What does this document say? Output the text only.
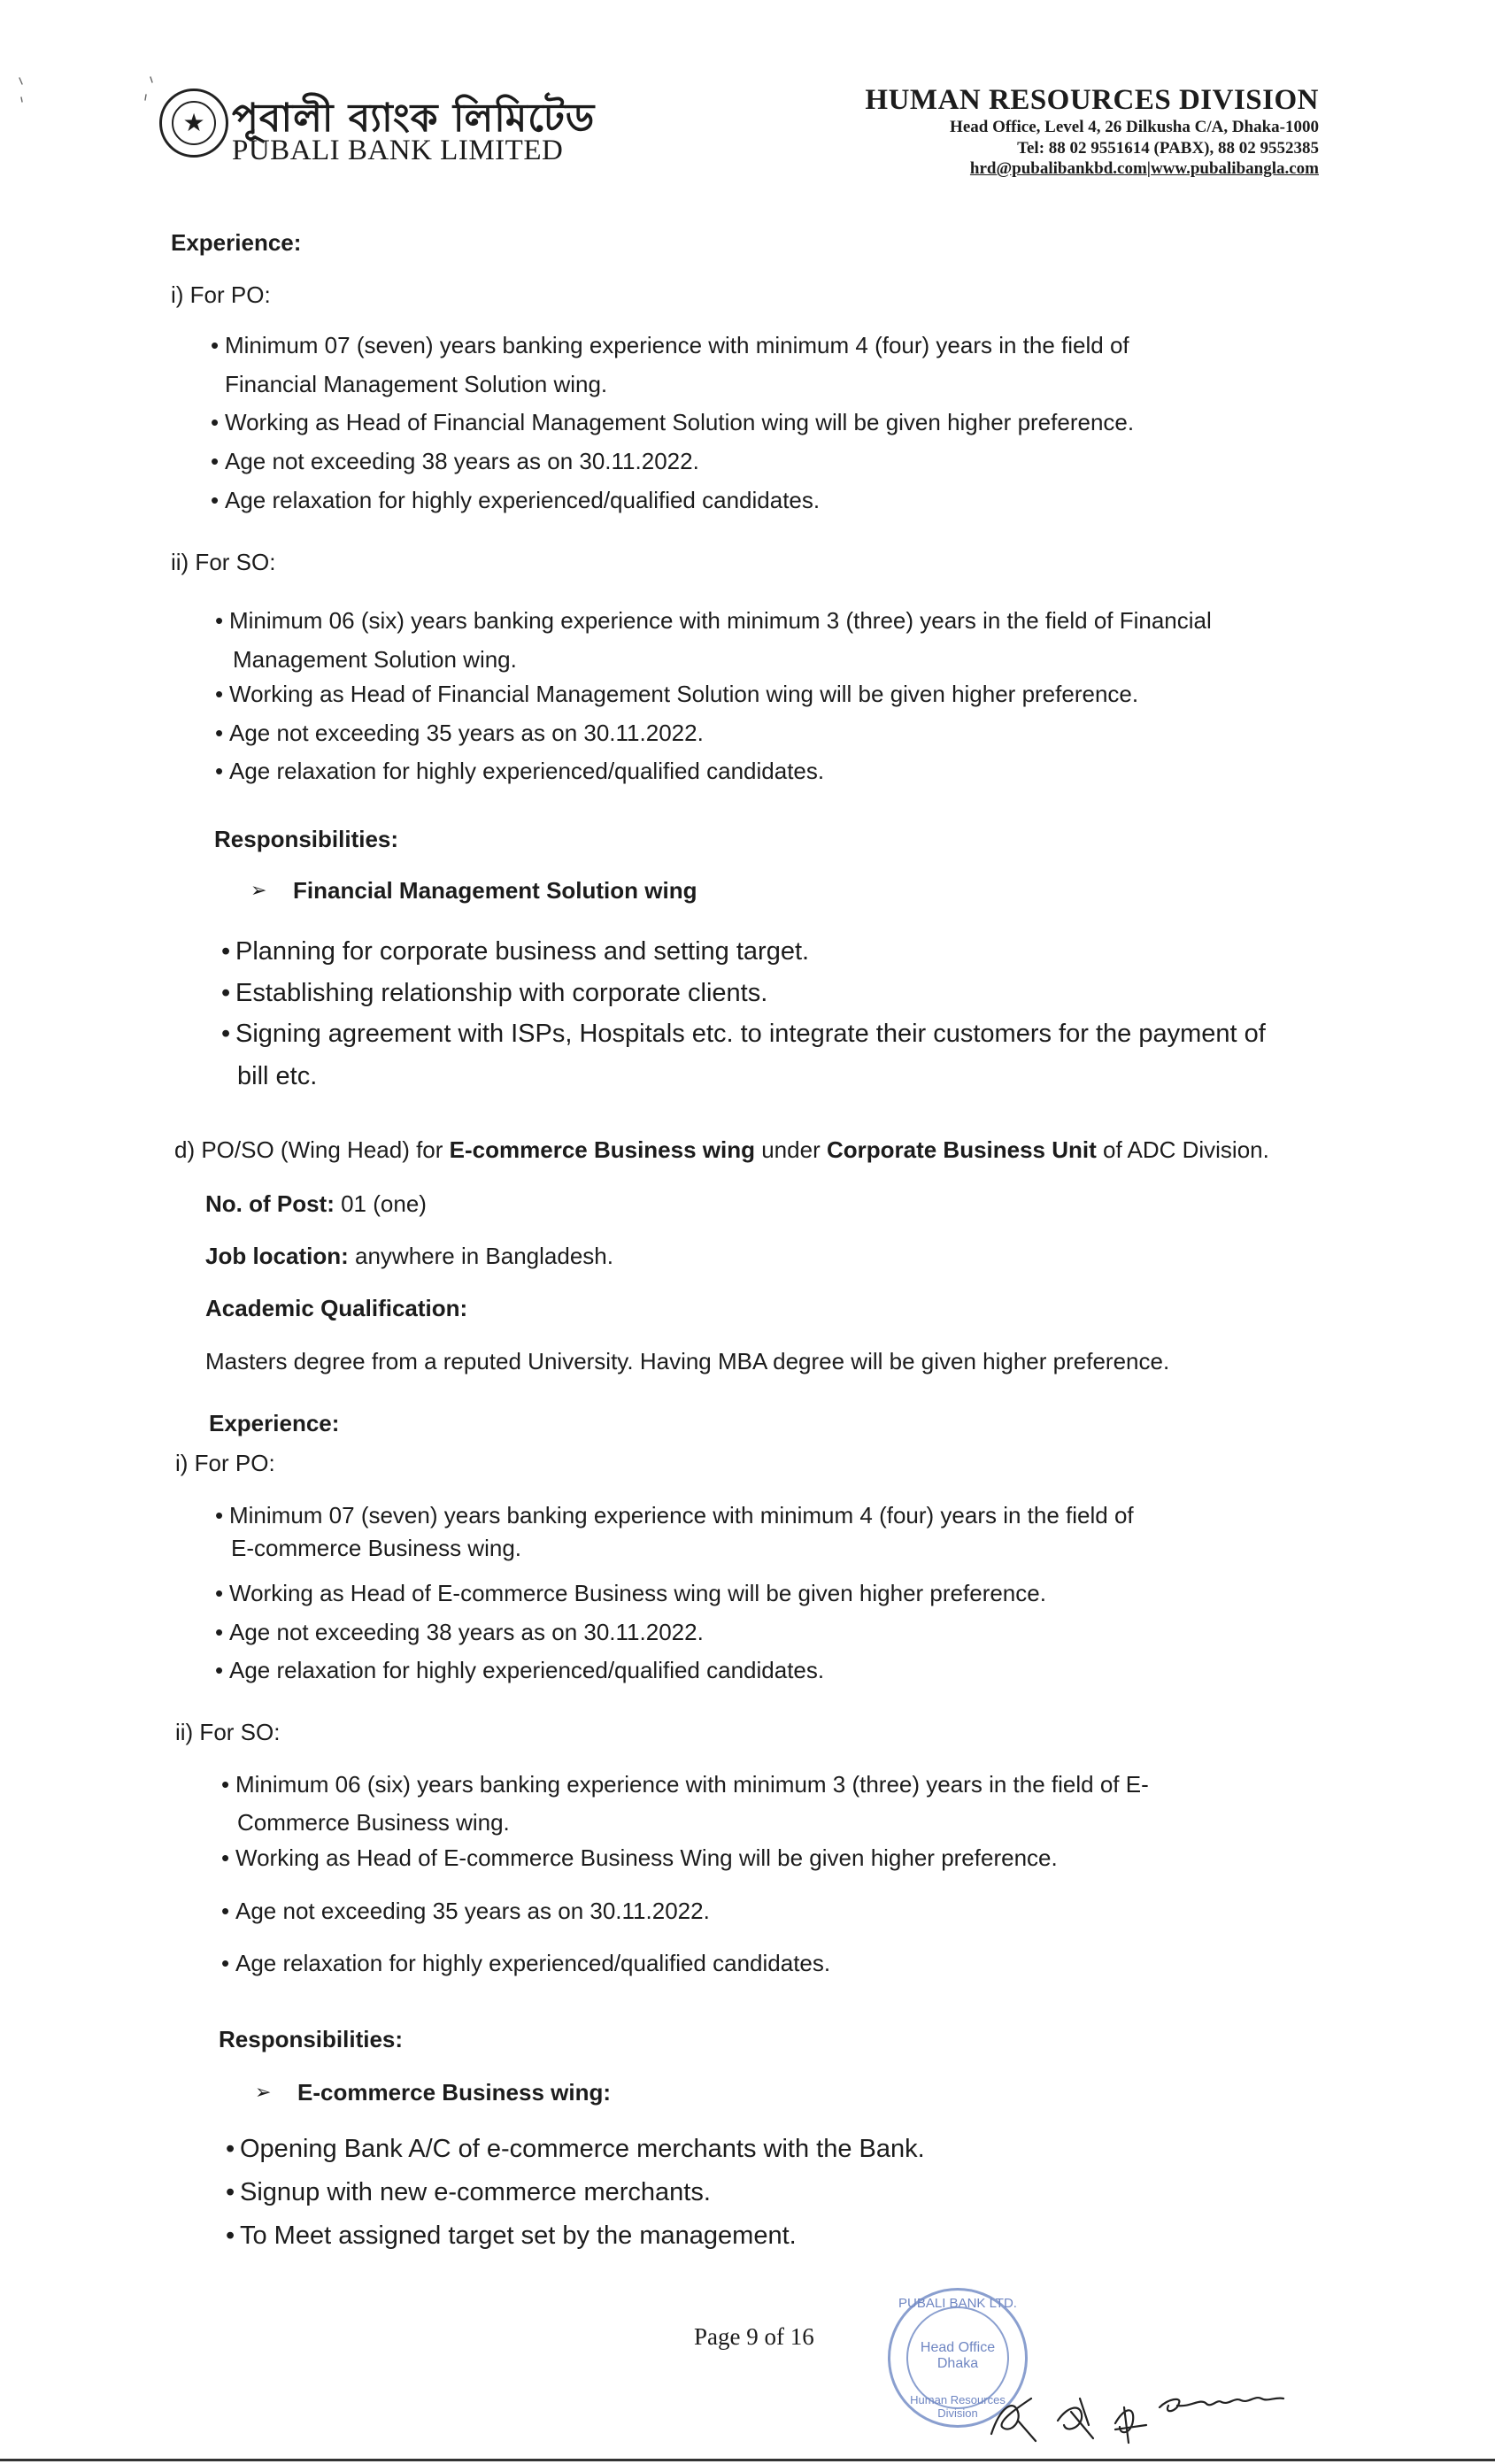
★ পূবালী ব্যাংক লিমিটেড
PUBALI BANK LIMITED
HUMAN RESOURCES DIVISION
Head Office, Level 4, 26 Dilkusha C/A, Dhaka-1000
Tel: 88 02 9551614 (PABX), 88 02 9552385
hrd@pubalibankbd.com|www.pubalibangla.com
Experience:
i) For PO:
• Minimum 07 (seven) years banking experience with minimum 4 (four) years in the field of
Financial Management Solution wing.
• Working as Head of Financial Management Solution wing will be given higher preference.
• Age not exceeding 38 years as on 30.11.2022.
• Age relaxation for highly experienced/qualified candidates.
ii) For SO:
• Minimum 06 (six) years banking experience with minimum 3 (three) years in the field of Financial
Management Solution wing.
• Working as Head of Financial Management Solution wing will be given higher preference.
• Age not exceeding 35 years as on 30.11.2022.
• Age relaxation for highly experienced/qualified candidates.
Responsibilities:
➢	Financial Management Solution wing
• Planning for corporate business and setting target.
• Establishing relationship with corporate clients.
• Signing agreement with ISPs, Hospitals etc. to integrate their customers for the payment of
bill etc.
d) PO/SO (Wing Head) for E-commerce Business wing under Corporate Business Unit of ADC Division.
No. of Post: 01 (one)
Job location: anywhere in Bangladesh.
Academic Qualification:
Masters degree from a reputed University. Having MBA degree will be given higher preference.
Experience:
i) For PO:
• Minimum 07 (seven) years banking experience with minimum 4 (four) years in the field of
E-commerce Business wing.
• Working as Head of E-commerce Business wing will be given higher preference.
• Age not exceeding 38 years as on 30.11.2022.
• Age relaxation for highly experienced/qualified candidates.
ii) For SO:
• Minimum 06 (six) years banking experience with minimum 3 (three) years in the field of E-
Commerce Business wing.
• Working as Head of E-commerce Business Wing will be given higher preference.
• Age not exceeding 35 years as on 30.11.2022.
• Age relaxation for highly experienced/qualified candidates.
Responsibilities:
➢	E-commerce Business wing:
• Opening Bank A/C of e-commerce merchants with the Bank.
• Signup with new e-commerce merchants.
• To Meet assigned target set by the management.
Page 9 of 16
PUBALI BANK LTD.
Head Office
Dhaka
Human Resources Division
